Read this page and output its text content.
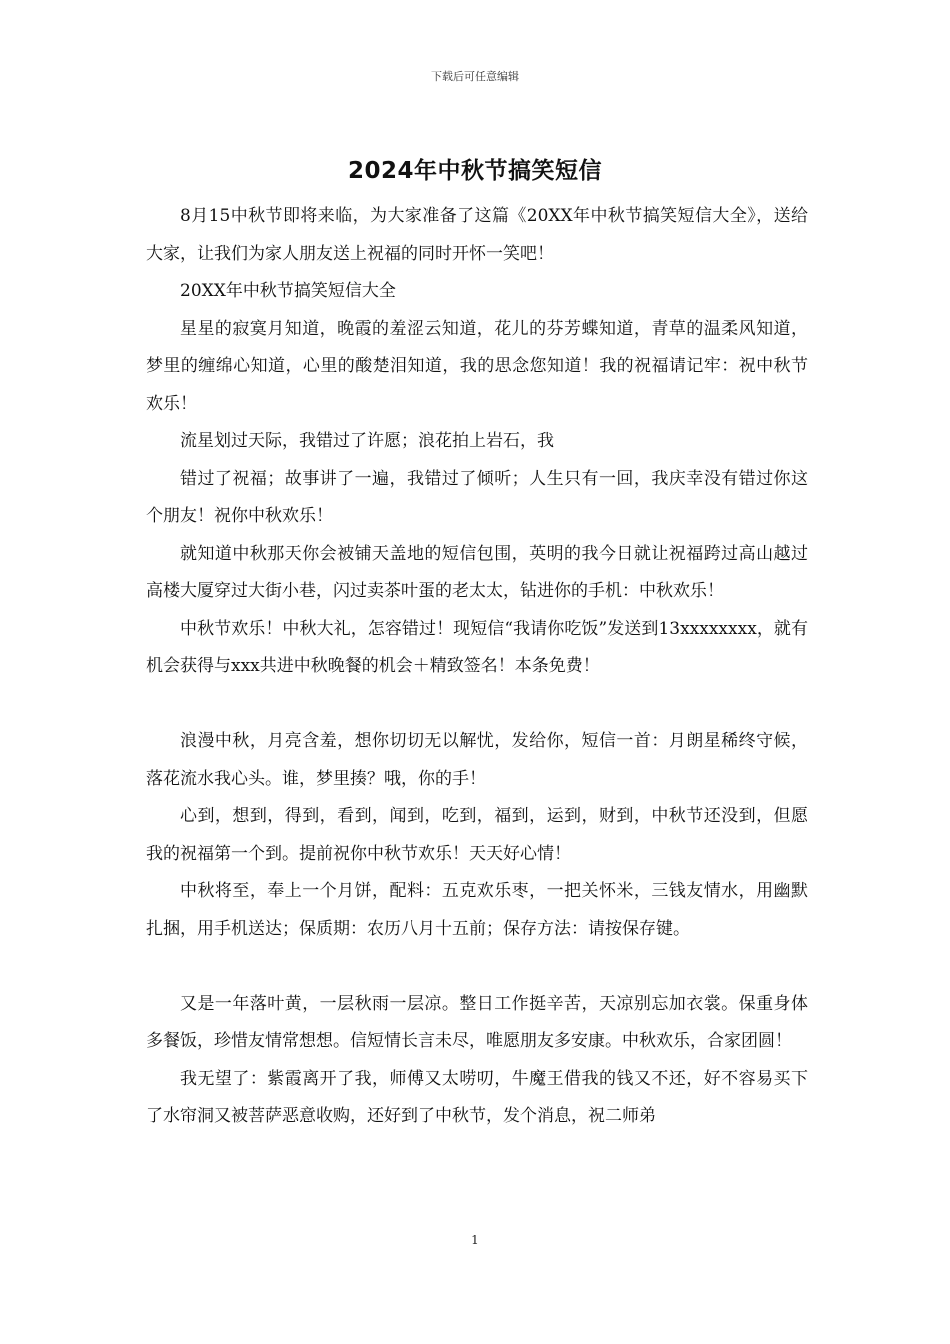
下载后可任意编辑
2024年中秋节搞笑短信

8月15中秋节即将来临，为大家准备了这篇《20XX年中秋节搞笑短信大全》，送给大家，让我们为家人朋友送上祝福的同时开怀一笑吧！

20XX年中秋节搞笑短信大全

星星的寂寞月知道，晚霞的羞涩云知道，花儿的芬芳蝶知道，青草的温柔风知道，梦里的缠绵心知道，心里的酸楚泪知道，我的思念您知道！我的祝福请记牢：祝中秋节欢乐！

流星划过天际，我错过了许愿；浪花拍上岩石，我

错过了祝福；故事讲了一遍，我错过了倾听；人生只有一回，我庆幸没有错过你这个朋友！祝你中秋欢乐！

就知道中秋那天你会被铺天盖地的短信包围，英明的我今日就让祝福跨过高山越过高楼大厦穿过大街小巷，闪过卖茶叶蛋的老太太，钻进你的手机：中秋欢乐！

中秋节欢乐！中秋大礼，怎容错过！现短信“我请你吃饭”发送到13xxxxxxxx，就有机会获得与xxx共进中秋晚餐的机会＋精致签名！本条免费！

浪漫中秋，月亮含羞，想你切切无以解忧，发给你，短信一首：月朗星稀终守候，落花流水我心头。谁，梦里揍？哦，你的手！

心到，想到，得到，看到，闻到，吃到，福到，运到，财到，中秋节还没到，但愿我的祝福第一个到。提前祝你中秋节欢乐！天天好心情！

中秋将至，奉上一个月饼，配料：五克欢乐枣，一把关怀米，三钱友情水，用幽默扎捆，用手机送达；保质期：农历八月十五前；保存方法：请按保存键。

又是一年落叶黄，一层秋雨一层凉。整日工作挺辛苦，天凉别忘加衣裳。保重身体多餐饭，珍惜友情常想想。信短情长言未尽，唯愿朋友多安康。中秋欢乐，合家团圆！

我无望了：紫霞离开了我，师傅又太唠叨，牛魔王借我的钱又不还，好不容易买下了水帘洞又被菩萨恶意收购，还好到了中秋节，发个消息，祝二师弟

1
